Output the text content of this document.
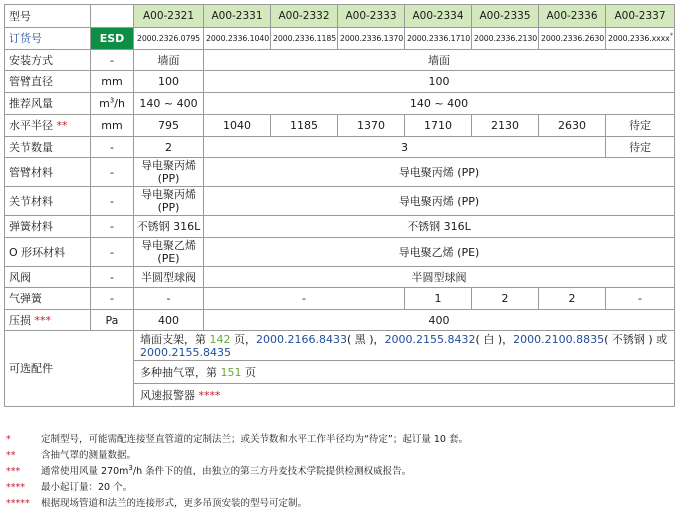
型号		A00-2321	A00-2331	A00-2332	A00-2333	A00-2334	A00-2335	A00-2336	A00-2337
订货号	ESD	2000.2326.0795	2000.2336.1040	2000.2336.1185	2000.2336.1370	2000.2336.1710	2000.2336.2130	2000.2336.2630	2000.2336.xxxx*
安装方式	-	墙面	墙面						
管臂直径	mm	100	100						
推荐风量	$m^3/h$	140 ~ 400	140 ~ 400						
水平半径 **	mm	795	1040	1185	1370	1710	2130	2630	待定
关节数量	-	2	3						待定
管臂材料	-	导电聚丙烯 (PP)	导电聚丙烯 (PP)						
关节材料	-	导电聚丙烯 (PP)	导电聚丙烯 (PP)						
弹簧材料	-	不锈钢 316L	不锈钢 316L						
O 形环材料	-	导电聚乙烯 (PE)	导电聚乙烯 (PE)						
风阀	-	半圆型球阀	半圆型球阀						
气弹簧	-	-	-			1	2	2	-
压损 ***	Pa	400	400						
可选配件		墙面支架，第 142 页，2000.2166.8433( 黑 )，2000.2155.8432( 白 )，2000.2100.8835( 不锈钢 ) 或
2000.2155.8435							
		多种抽气罩，第 151 页							
		风速报警器 ****							
*	定制型号，可能需配连接竖直管道的定制法兰；或关节数和水平工作半径均为“待定”；起订量 10 套。
**	含抽气罩的测量数据。
***	通常使用风量 $270m^3/h$ 条件下的值，由独立的第三方丹麦技术学院提供检测权威报告。
****	最小起订量：20 个。
*****	根据现场管道和法兰的连接形式，更多吊顶安装的型号可定制。
